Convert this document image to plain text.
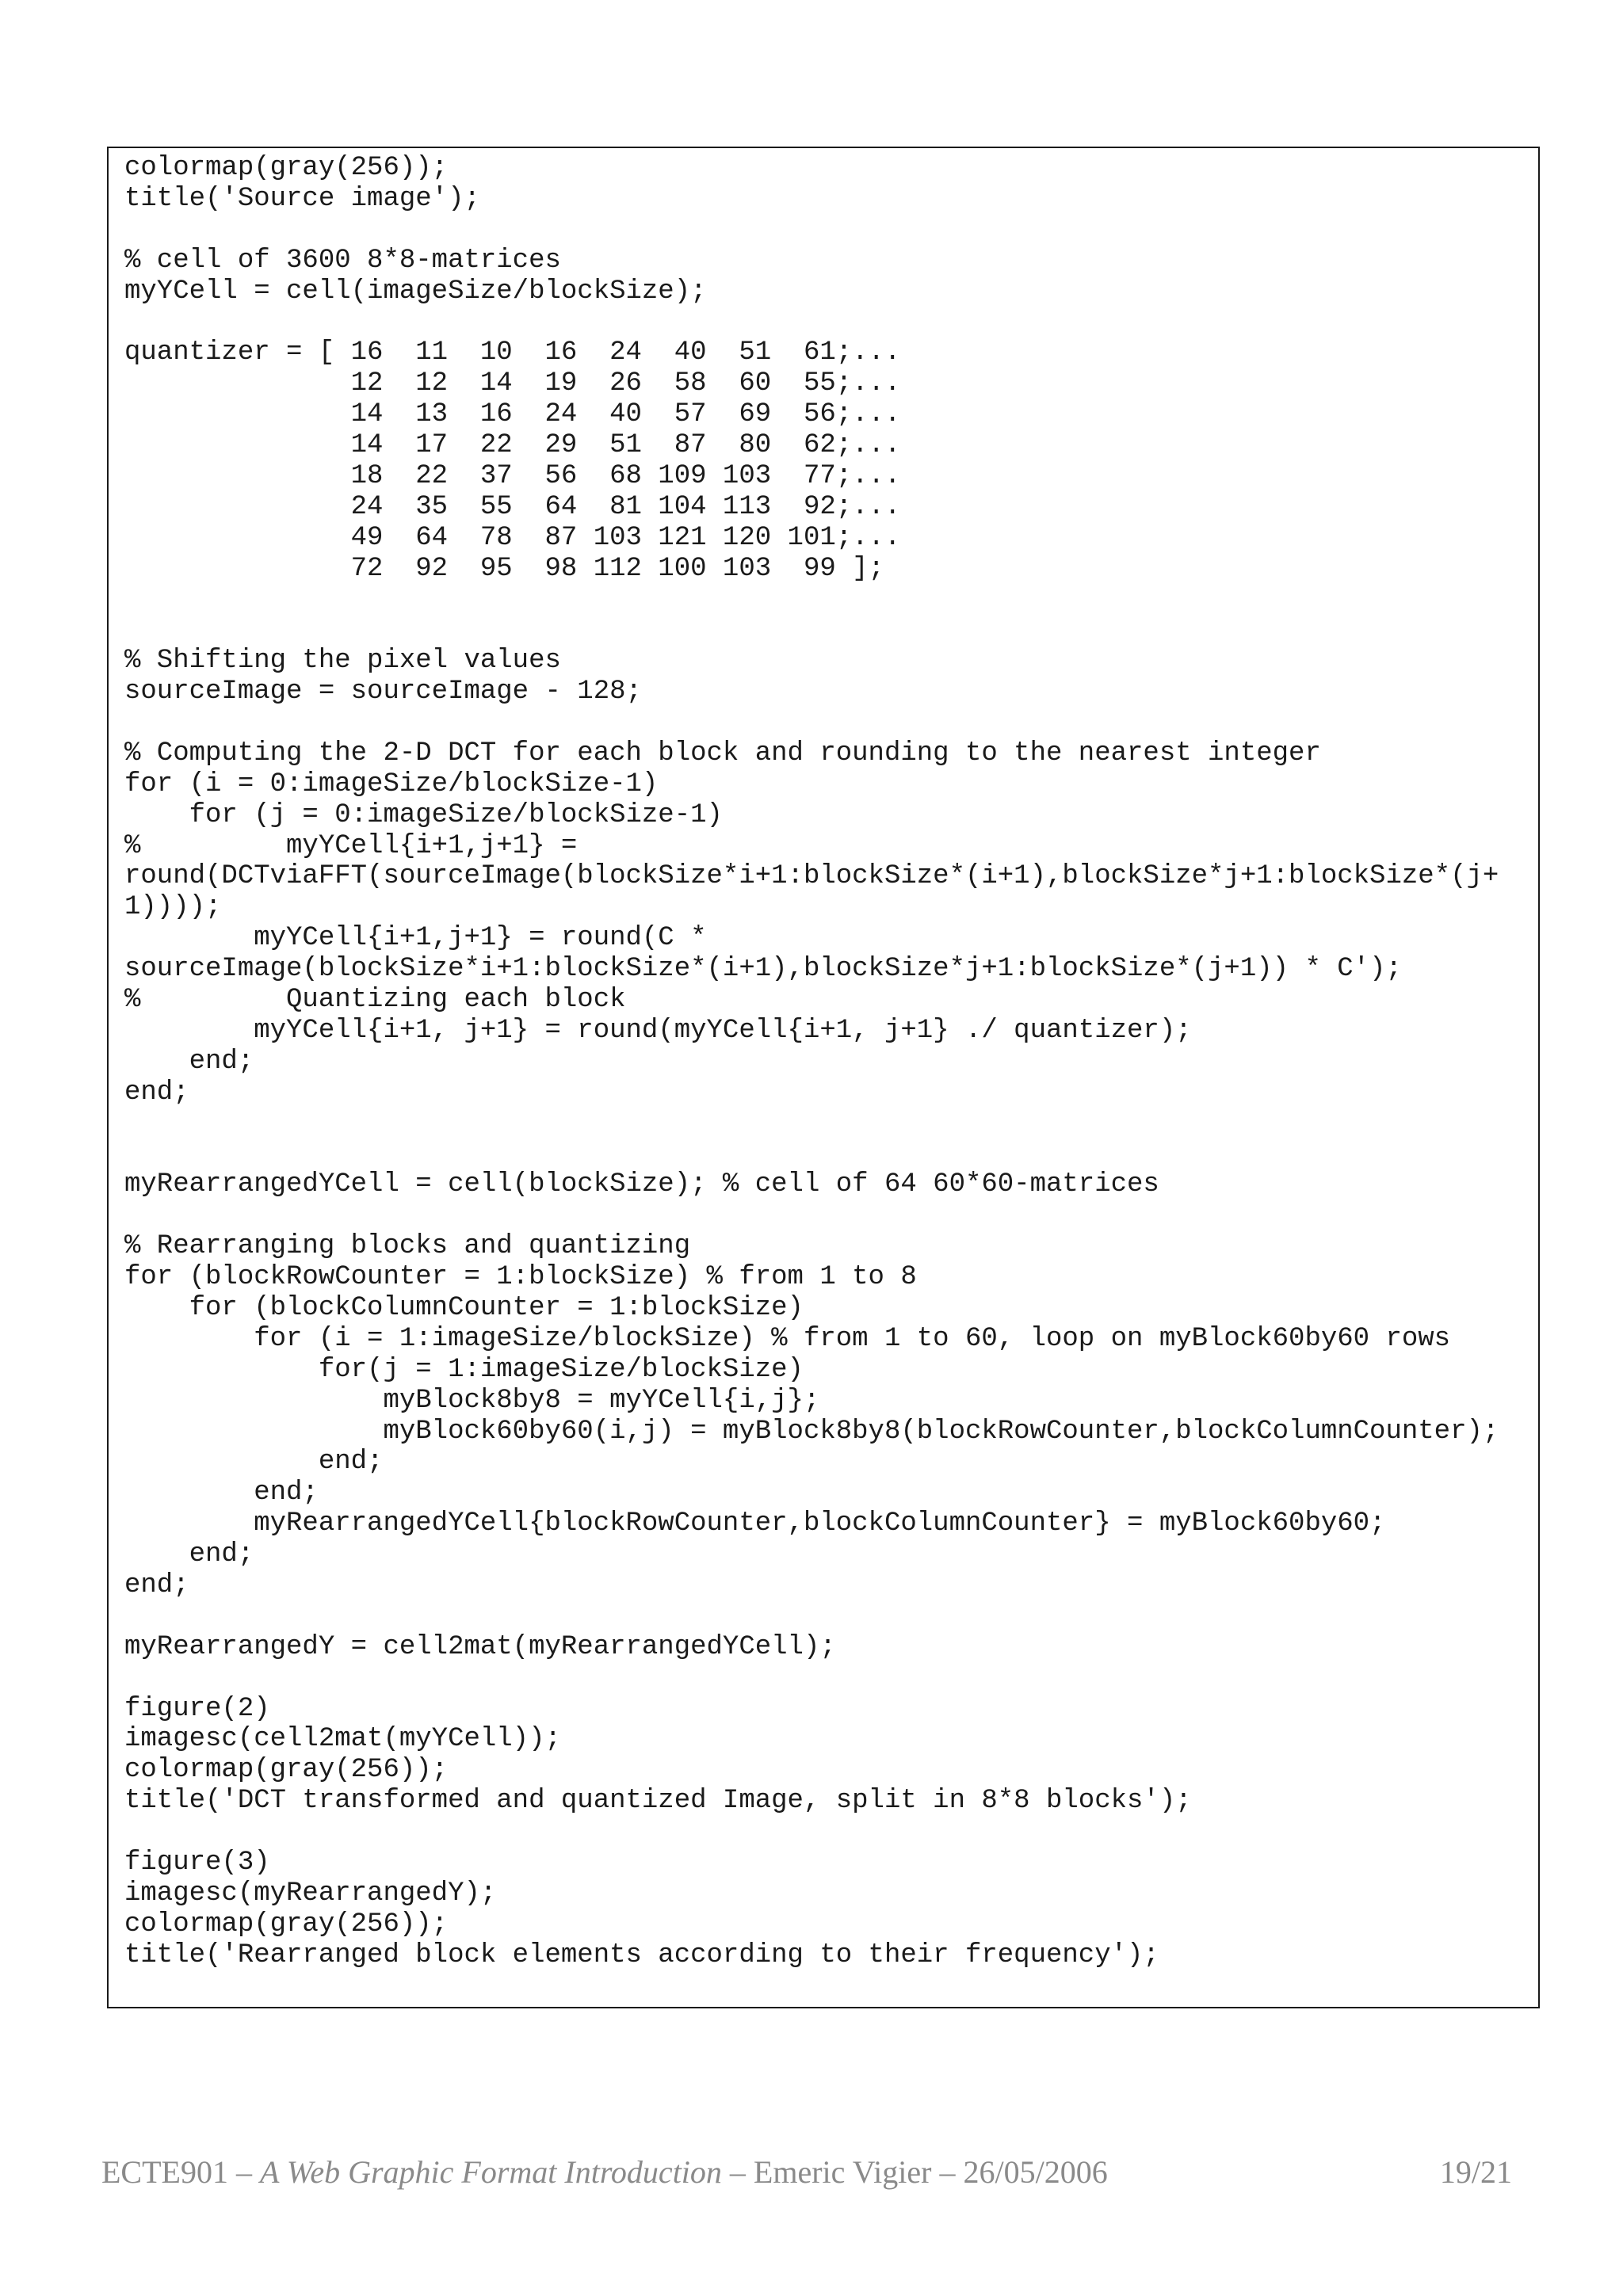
colormap(gray(256));
title('Source image');
% cell of 3600 8*8-matrices
myYCell = cell(imageSize/blockSize);
quantizer = [ 16  11  10  16  24  40  51  61;...
12  12  14  19  26  58  60  55;...
14  13  16  24  40  57  69  56;...
14  17  22  29  51  87  80  62;...
18  22  37  56  68 109 103  77;...
24  35  55  64  81 104 113  92;...
49  64  78  87 103 121 120 101;...
72  92  95  98 112 100 103  99 ];
% Shifting the pixel values
sourceImage = sourceImage - 128;
% Computing the 2-D DCT for each block and rounding to the nearest integer
for (i = 0:imageSize/blockSize-1)
for (j = 0:imageSize/blockSize-1)
%         myYCell{i+1,j+1} =
round(DCTviaFFT(sourceImage(blockSize*i+1:blockSize*(i+1),blockSize*j+1:blockSize*(j+
1))));
myYCell{i+1,j+1} = round(C *
sourceImage(blockSize*i+1:blockSize*(i+1),blockSize*j+1:blockSize*(j+1)) * C');
%         Quantizing each block
myYCell{i+1, j+1} = round(myYCell{i+1, j+1} ./ quantizer);
end;
end;
myRearrangedYCell = cell(blockSize); % cell of 64 60*60-matrices
% Rearranging blocks and quantizing
for (blockRowCounter = 1:blockSize) % from 1 to 8
for (blockColumnCounter = 1:blockSize)
for (i = 1:imageSize/blockSize) % from 1 to 60, loop on myBlock60by60 rows
for(j = 1:imageSize/blockSize)
myBlock8by8 = myYCell{i,j};
myBlock60by60(i,j) = myBlock8by8(blockRowCounter,blockColumnCounter);
end;
end;
myRearrangedYCell{blockRowCounter,blockColumnCounter} = myBlock60by60;
end;
end;
myRearrangedY = cell2mat(myRearrangedYCell);
figure(2)
imagesc(cell2mat(myYCell));
colormap(gray(256));
title('DCT transformed and quantized Image, split in 8*8 blocks');
figure(3)
imagesc(myRearrangedY);
colormap(gray(256));
title('Rearranged block elements according to their frequency');
ECTE901 – A Web Graphic Format Introduction – Emeric Vigier – 26/05/2006	19/21
